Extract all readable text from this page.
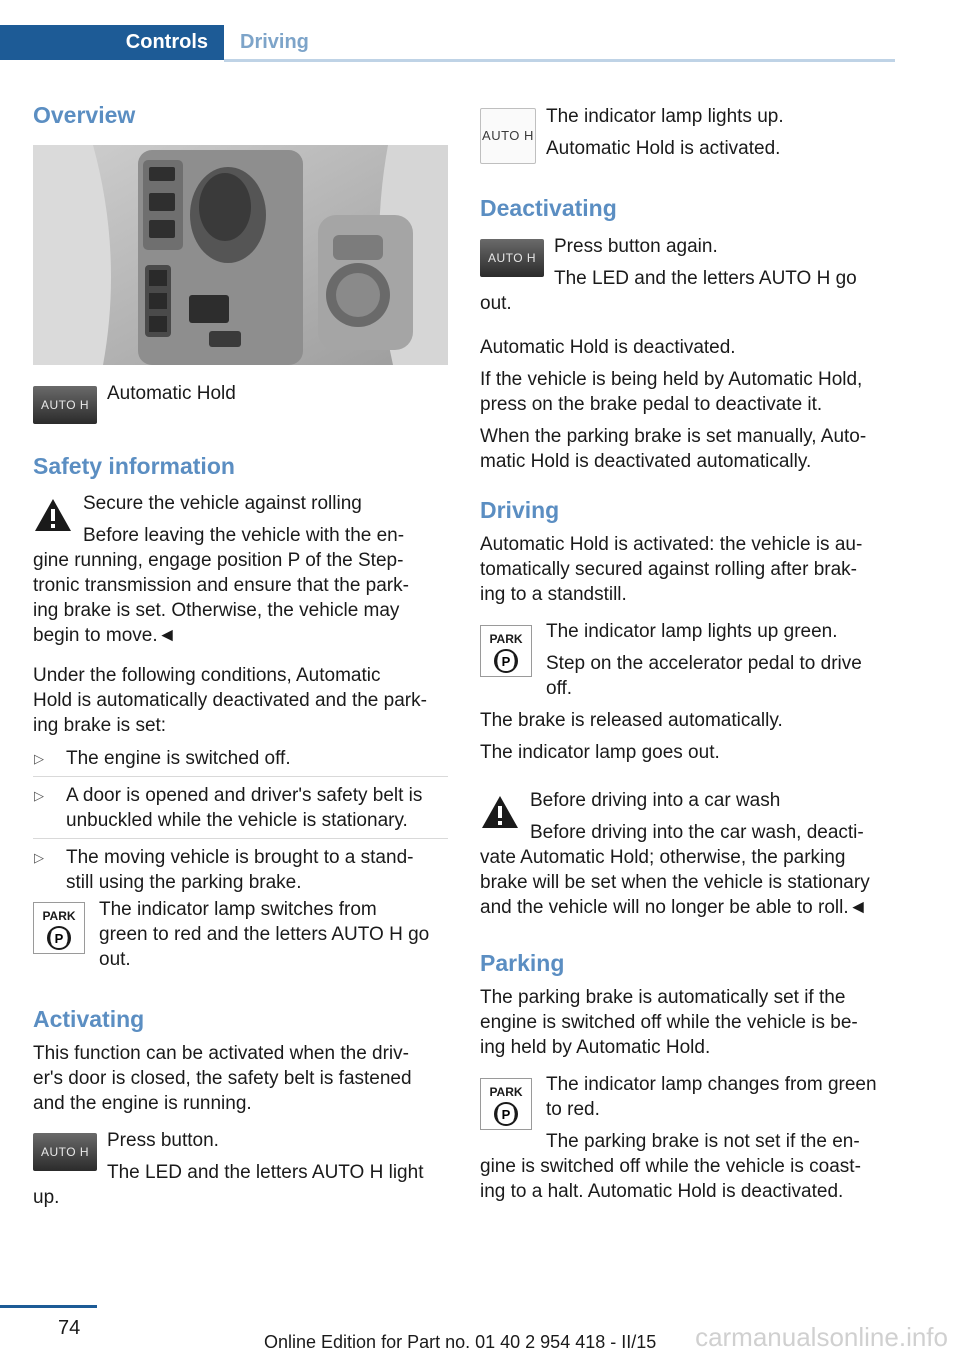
Controls	Driving
Overview
AUTO H
Automatic Hold
Safety information
Secure the vehicle against rolling
Before leaving the vehicle with the en-
gine running, engage position P of the Step-
tronic transmission and ensure that the park-
ing brake is set. Otherwise, the vehicle may
begin to move.◄
Under the following conditions, Automatic
Hold is automatically deactivated and the park-
ing brake is set:
▷ The engine is switched off.
▷ A door is opened and driver's safety belt is
unbuckled while the vehicle is stationary.
▷ The moving vehicle is brought to a stand-
still using the parking brake.
PARK
P
The indicator lamp switches from
green to red and the letters AUTO H go
out.
Activating
This function can be activated when the driv-
er's door is closed, the safety belt is fastened
and the engine is running.
AUTO H
Press button.
The LED and the letters AUTO H light
up.
AUTO H
The indicator lamp lights up.
Automatic Hold is activated.
Deactivating
AUTO H
Press button again.
The LED and the letters AUTO H go
out.
Automatic Hold is deactivated.
If the vehicle is being held by Automatic Hold,
press on the brake pedal to deactivate it.
When the parking brake is set manually, Auto-
matic Hold is deactivated automatically.
Driving
Automatic Hold is activated: the vehicle is au-
tomatically secured against rolling after brak-
ing to a standstill.
PARK
P
The indicator lamp lights up green.
Step on the accelerator pedal to drive
off.
The brake is released automatically.
The indicator lamp goes out.
Before driving into a car wash
Before driving into the car wash, deacti-
vate Automatic Hold; otherwise, the parking
brake will be set when the vehicle is stationary
and the vehicle will no longer be able to roll.◄
Parking
The parking brake is automatically set if the
engine is switched off while the vehicle is be-
ing held by Automatic Hold.
PARK
P
The indicator lamp changes from green
to red.
The parking brake is not set if the en-
gine is switched off while the vehicle is coast-
ing to a halt. Automatic Hold is deactivated.
74	carmanualsonline.info
Online Edition for Part no. 01 40 2 954 418 - II/15
